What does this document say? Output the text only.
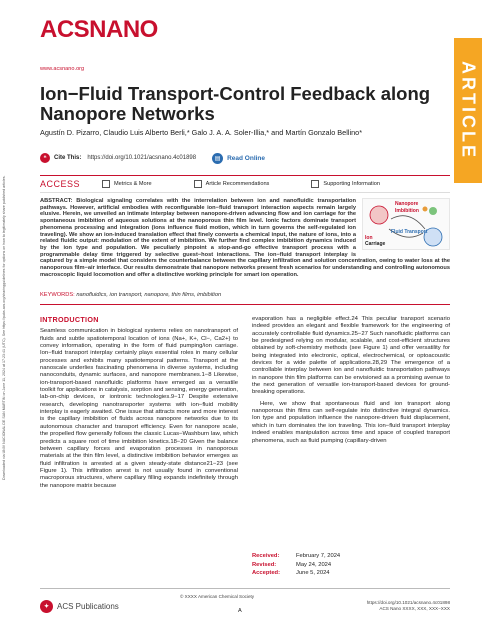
Downloaded via UNIV NACIONAL DE SAN MARTIN on June 11, 2024 at 17:23:41 (UTC). See https://pubs.acs.org/sharingguidelines for options on how to legitimately share published articles.
ACSNANO
www.acsnano.org	ARTICLE
Ion−Fluid Transport-Control Feedback along Nanopore Networks
Agustín D. Pizarro, Claudio Luis Alberto Berli,* Galo J. A. A. Soler-Illia,* and Martín Gonzalo Bellino*
❝	Cite This: https://doi.org/10.1021/acsnano.4c01898	▤	Read Online
ACCESS	Metrics & More	Article Recommendations	Supporting Information
Nanopore
Imbibition
Fluid Transport
Ion
Carriage
ABSTRACT: Biological signaling correlates with the interrelation between ion and nanofluidic transportation pathways. However, artificial embodies with reconfigurable ion−fluid transport interaction aspects remain largely elusive. Herein, we unveiled an intimate interplay between nanopore-driven advancing flow and ion carriage for the spontaneous imbibition of aqueous solutions at the nanoporous thin film level. Ionic factors dominate transport phenomena processing and integration (ions influence fluid motion, which in turn governs the self-regulated ion traveling). We show an ion-induced translation effect that finely converts a chemical input, the nature of ions, into a related fluidic output: modulation of the extent of imbibition. We further find complex imbibition dynamics induced by the ion type and population. We peculiarly pinpoint a stop-and-go effective transport process with a programmable delay time triggered by selective guest−host interactions. The ion−fluid transport interplay is captured by a simple model that considers the counterbalance between the capillary infiltration and solution concentration, owing to water loss at the nanoporous film−air interface. Our results demonstrate that nanopore networks present fresh scenarios for understanding and controlling autonomous macroscopic liquid locomotion and offer a distinctive working principle for smart ion operation.
KEYWORDS: nanofluidics, ion transport, nanopore, thin films, imbibition
INTRODUCTION

Seamless communication in biological systems relies on nanotransport of fluids and subtle spatiotemporal location of ions (Na+, K+, Cl−, Ca2+) to convey information, operating in the form of fluid pumping/ion carriage. Ion−fluid transport interplay certainly plays essential roles in many cellular processes and exhibits many spatiotemporal patterns. Transport at the nanoscale underlies fascinating phenomena in diverse systems, including nanoconduits, dynamic surfaces, and nanopore membranes.1−8 Likewise, ion-transport-based nanofluidic platforms have emerged as a versatile toolkit for applications in catalysis, sorption and sensing, energy generation, lab-on-chip devices, or iontronic technologies.9−17 Despite extensive research, developing nanotransporter systems with ion−fluid mobility interplay is eagerly awaited. One issue that attracts more and more interest is the capillary imbibition of fluids across nanopore networks due to its autonomous character and transport efficiency. Even for nanopore scale, the propelled flow generally follows the classic Lucas−Washburn law, which predicts a square root of time imbibition kinetics.18−20 Given the balance between capillary forces and evaporation processes in nanoporous materials at the thin film level, a distinctive imbibition behavior emerges as fluid infiltration is arrested at a given steady-state distance21−23 (see Figure 1). This infiltration arrest is not usually found in conventional macroporous structures, where capillary filling expands indefinitely through the nanopore matrix because

evaporation has a negligible effect.24 This peculiar transport scenario indeed provides an elegant and flexible framework for the engineering of accurately controllable fluid dynamics.25−27 Such nanofluidic platforms can be predesigned relying on modular, scalable, and cost-efficient structures obtained by soft-chemistry methods (see Figure 1) and offer versatility for being integrated into electronic, optical, electrochemical, or optoacoustic devices for a wide palette of applications.28,29 The emergence of a controllable interplay between ion and nanofluidic transportation pathways in nanopore thin film platforms can be envisioned as a promising avenue to the next generation of versatile ion-transport-based devices for ground-breaking operations.

Here, we show that spontaneous fluid and ion transport along nanoporous thin films can self-regulate into distinctive integral dynamics. Ion type and population influence the nanopore-driven fluid displacement, which in turn dominates the ion traveling. This ion−fluid transport interplay indeed enables manipulation across time and space of coupled transport phenomena, such as fluid pumping (capillary-driven

Received:	February 7, 2024
Revised:	May 24, 2024
Accepted:	June 5, 2024
© XXXX American Chemical Society
✦ ACS Publications	A
https://doi.org/10.1021/acsnano.4c01898
ACS Nano XXXX, XXX, XXX−XXX
